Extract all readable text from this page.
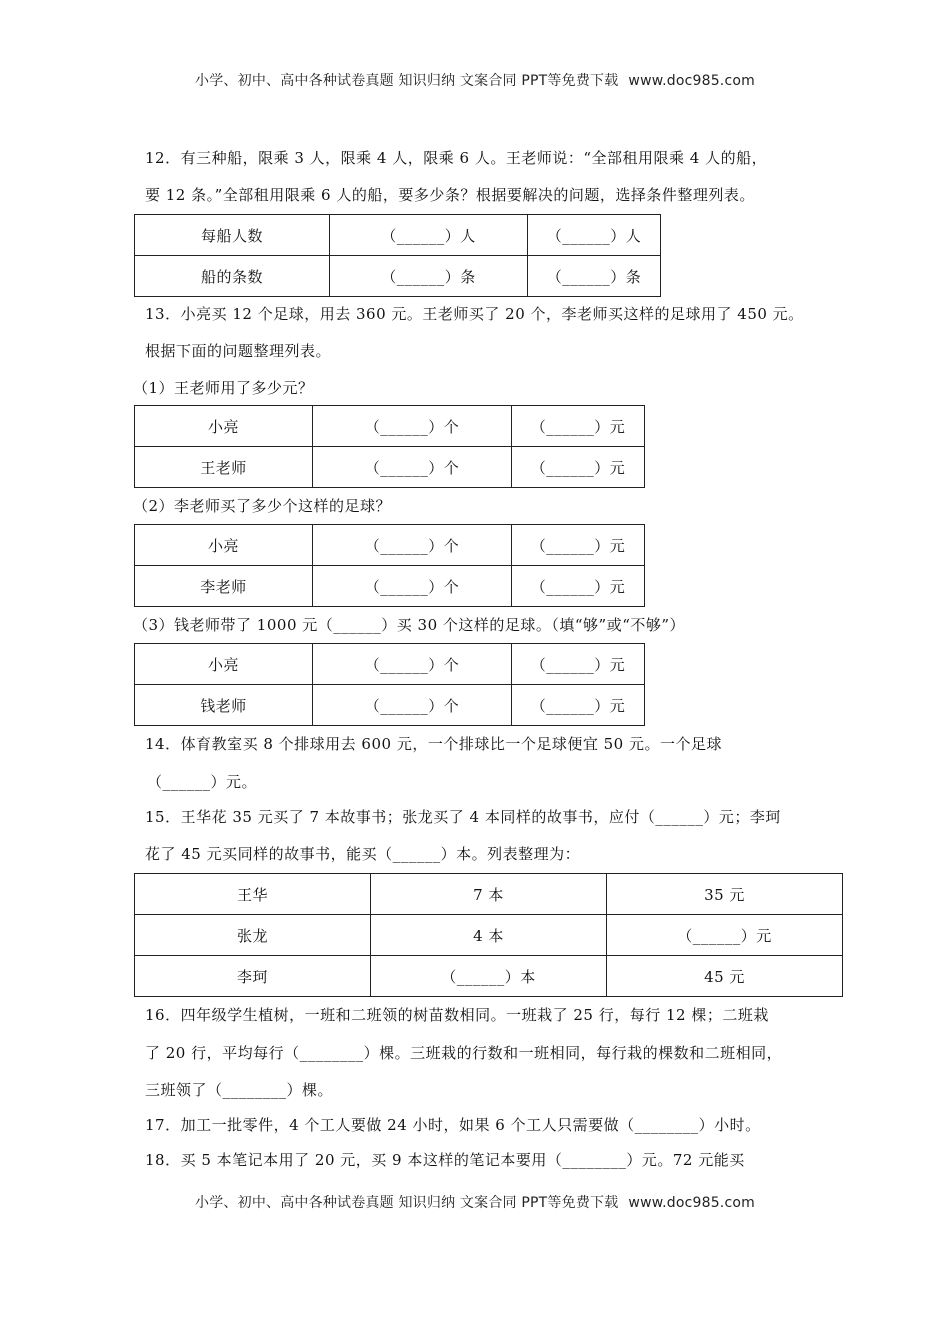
小学、初中、高中各种试卷真题 知识归纳 文案合同 PPT等免费下载 www.doc985.com
12．有三种船，限乘 3 人，限乘 4 人，限乘 6 人。王老师说：“全部租用限乘 4 人的船，
要 12 条。”全部租用限乘 6 人的船，要多少条？根据要解决的问题，选择条件整理列表。
每船人数	（______）人	（______）人
船的条数	（______）条	（______）条
13．小亮买 12 个足球，用去 360 元。王老师买了 20 个，李老师买这样的足球用了 450 元。
根据下面的问题整理列表。
（1）王老师用了多少元？
小亮	（______）个	（______）元
王老师	（______）个	（______）元
（2）李老师买了多少个这样的足球？
小亮	（______）个	（______）元
李老师	（______）个	（______）元
（3）钱老师带了 1000 元（______）买 30 个这样的足球。（填“够”或“不够”）
小亮	（______）个	（______）元
钱老师	（______）个	（______）元
14．体育教室买 8 个排球用去 600 元，一个排球比一个足球便宜 50 元。一个足球
（______）元。
15．王华花 35 元买了 7 本故事书；张龙买了 4 本同样的故事书，应付（______）元；李珂
花了 45 元买同样的故事书，能买（______）本。列表整理为：
王华	7 本	35 元
张龙	4 本	（______）元
李珂	（______）本	45 元
16．四年级学生植树，一班和二班领的树苗数相同。一班栽了 25 行，每行 12 棵；二班栽
了 20 行，平均每行（________）棵。三班栽的行数和一班相同，每行栽的棵数和二班相同，
三班领了（________）棵。
17．加工一批零件，4 个工人要做 24 小时，如果 6 个工人只需要做（________）小时。
18．买 5 本笔记本用了 20 元，买 9 本这样的笔记本要用（________）元。72 元能买
小学、初中、高中各种试卷真题 知识归纳 文案合同 PPT等免费下载 www.doc985.com
